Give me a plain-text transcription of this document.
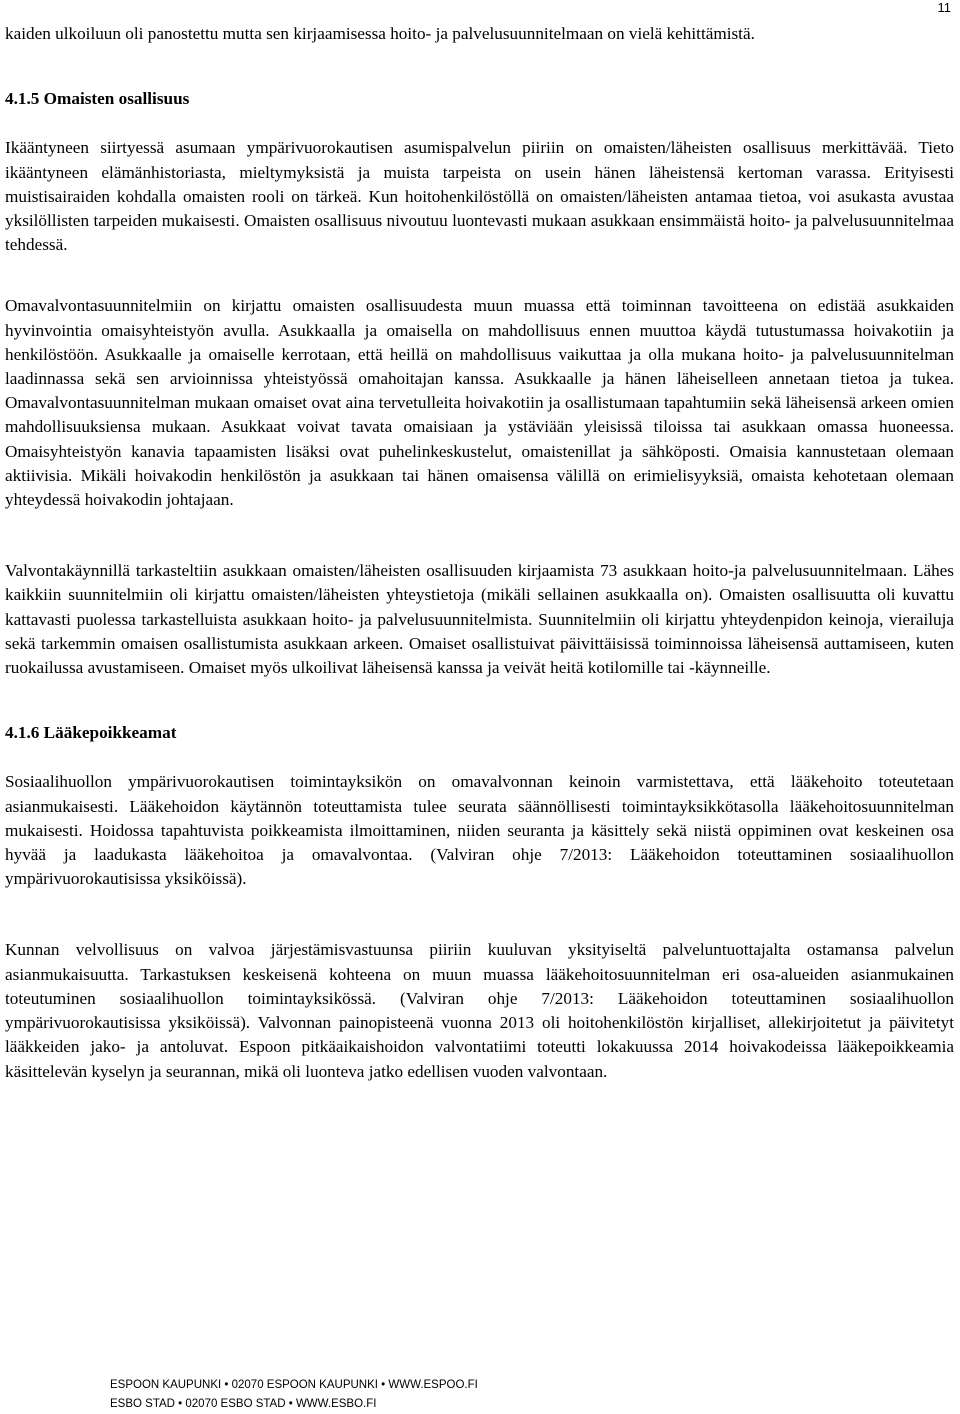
11

kaiden ulkoiluun oli panostettu mutta sen kirjaamisessa hoito- ja palvelusuunnitelmaan on vielä kehittämistä.

4.1.5 Omaisten osallisuus

Ikääntyneen siirtyessä asumaan ympärivuorokautisen asumispalvelun piiriin on omaisten/läheisten osallisuus merkittävää. Tieto ikääntyneen elämänhistoriasta, mieltymyksistä ja muista tarpeista on usein hänen läheistensä kertoman varassa. Erityisesti muistisairaiden kohdalla omaisten rooli on tärkeä. Kun hoitohenkilöstöllä on omaisten/läheisten antamaa tietoa, voi asukasta avustaa yksilöllisten tarpeiden mukaisesti. Omaisten osallisuus nivoutuu luontevasti mukaan asukkaan ensimmäistä hoito- ja palvelusuunnitelmaa tehdessä.

Omavalvontasuunnitelmiin on kirjattu omaisten osallisuudesta muun muassa että toiminnan tavoitteena on edistää asukkaiden hyvinvointia omaisyhteistyön avulla. Asukkaalla ja omaisella on mahdollisuus ennen muuttoa käydä tutustumassa hoivakotiin ja henkilöstöön. Asukkaalle ja omaiselle kerrotaan, että heillä on mahdollisuus vaikuttaa ja olla mukana hoito- ja palvelusuunnitelman laadinnassa sekä sen arvioinnissa yhteistyössä omahoitajan kanssa. Asukkaalle ja hänen läheiselleen annetaan tietoa ja tukea. Omavalvontasuunnitelman mukaan omaiset ovat aina tervetulleita hoivakotiin ja osallistumaan tapahtumiin sekä läheisensä arkeen omien mahdollisuuksiensa mukaan. Asukkaat voivat tavata omaisiaan ja ystäviään yleisissä tiloissa tai asukkaan omassa huoneessa. Omaisyhteistyön kanavia tapaamisten lisäksi ovat puhelinkeskustelut, omaistenillat ja sähköposti. Omaisia kannustetaan olemaan aktiivisia. Mikäli hoivakodin henkilöstön ja asukkaan tai hänen omaisensa välillä on erimielisyyksiä, omaista kehotetaan olemaan yhteydessä hoivakodin johtajaan.

Valvontakäynnillä tarkasteltiin asukkaan omaisten/läheisten osallisuuden kirjaamista 73 asukkaan hoito-ja palvelusuunnitelmaan. Lähes kaikkiin suunnitelmiin oli kirjattu omaisten/läheisten yhteystietoja (mikäli sellainen asukkaalla on). Omaisten osallisuutta oli kuvattu kattavasti puolessa tarkastelluista asukkaan hoito- ja palvelusuunnitelmista. Suunnitelmiin oli kirjattu yhteydenpidon keinoja, vierailuja sekä tarkemmin omaisen osallistumista asukkaan arkeen. Omaiset osallistuivat päivittäisissä toiminnoissa läheisensä auttamiseen, kuten ruokailussa avustamiseen. Omaiset myös ulkoilivat läheisensä kanssa ja veivät heitä kotilomille tai -käynneille.

4.1.6 Lääkepoikkeamat

Sosiaalihuollon ympärivuorokautisen toimintayksikön on omavalvonnan keinoin varmistettava, että lääkehoito toteutetaan asianmukaisesti. Lääkehoidon käytännön toteuttamista tulee seurata säännöllisesti toimintayksikkötasolla lääkehoitosuunnitelman mukaisesti. Hoidossa tapahtuvista poikkeamista ilmoittaminen, niiden seuranta ja käsittely sekä niistä oppiminen ovat keskeinen osa hyvää ja laadukasta lääkehoitoa ja omavalvontaa. (Valviran ohje 7/2013: Lääkehoidon toteuttaminen sosiaalihuollon ympärivuorokautisissa yksiköissä).

Kunnan velvollisuus on valvoa järjestämisvastuunsa piiriin kuuluvan yksityiseltä palveluntuottajalta ostamansa palvelun asianmukaisuutta. Tarkastuksen keskeisenä kohteena on muun muassa lääkehoitosuunnitelman eri osa-alueiden asianmukainen toteutuminen sosiaalihuollon toimintayksikössä. (Valviran ohje 7/2013: Lääkehoidon toteuttaminen sosiaalihuollon ympärivuorokautisissa yksiköissä). Valvonnan painopisteenä vuonna 2013 oli hoitohenkilöstön kirjalliset, allekirjoitetut ja päivitetyt lääkkeiden jako- ja antoluvat. Espoon pitkäaikaishoidon valvontatiimi toteutti lokakuussa 2014 hoivakodeissa lääkepoikkeamia käsittelevän kyselyn ja seurannan, mikä oli luonteva jatko edellisen vuoden valvontaan.

ESPOON KAUPUNKI • 02070 ESPOON KAUPUNKI • WWW.ESPOO.FI
ESBO STAD • 02070 ESBO STAD • WWW.ESBO.FI
